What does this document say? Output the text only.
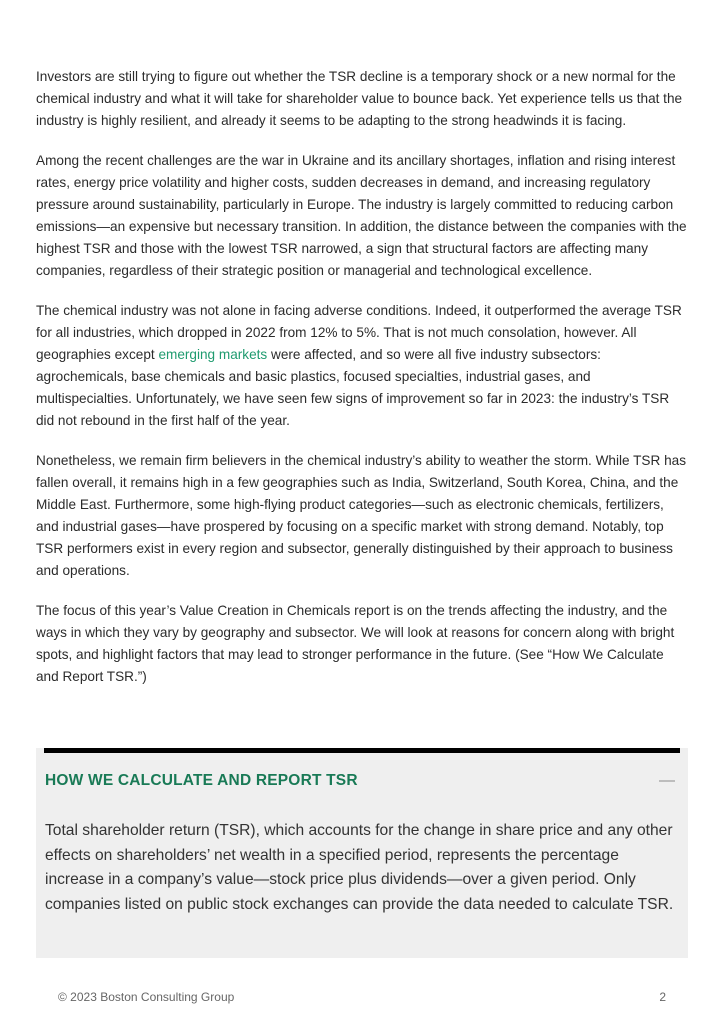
Investors are still trying to figure out whether the TSR decline is a temporary shock or a new normal for the chemical industry and what it will take for shareholder value to bounce back. Yet experience tells us that the industry is highly resilient, and already it seems to be adapting to the strong headwinds it is facing.

Among the recent challenges are the war in Ukraine and its ancillary shortages, inflation and rising interest rates, energy price volatility and higher costs, sudden decreases in demand, and increasing regulatory pressure around sustainability, particularly in Europe. The industry is largely committed to reducing carbon emissions—an expensive but necessary transition. In addition, the distance between the companies with the highest TSR and those with the lowest TSR narrowed, a sign that structural factors are affecting many companies, regardless of their strategic position or managerial and technological excellence.

The chemical industry was not alone in facing adverse conditions. Indeed, it outperformed the average TSR for all industries, which dropped in 2022 from 12% to 5%. That is not much consolation, however. All geographies except emerging markets were affected, and so were all five industry subsectors: agrochemicals, base chemicals and basic plastics, focused specialties, industrial gases, and multispecialties. Unfortunately, we have seen few signs of improvement so far in 2023: the industry’s TSR did not rebound in the first half of the year.

Nonetheless, we remain firm believers in the chemical industry’s ability to weather the storm. While TSR has fallen overall, it remains high in a few geographies such as India, Switzerland, South Korea, China, and the Middle East. Furthermore, some high-flying product categories—such as electronic chemicals, fertilizers, and industrial gases—have prospered by focusing on a specific market with strong demand. Notably, top TSR performers exist in every region and subsector, generally distinguished by their approach to business and operations.

The focus of this year’s Value Creation in Chemicals report is on the trends affecting the industry, and the ways in which they vary by geography and subsector. We will look at reasons for concern along with bright spots, and highlight factors that may lead to stronger performance in the future. (See “How We Calculate and Report TSR.”)

HOW WE CALCULATE AND REPORT TSR

Total shareholder return (TSR), which accounts for the change in share price and any other effects on shareholders’ net wealth in a specified period, represents the percentage increase in a company’s value—stock price plus dividends—over a given period. Only companies listed on public stock exchanges can provide the data needed to calculate TSR.

© 2023 Boston Consulting Group	2
